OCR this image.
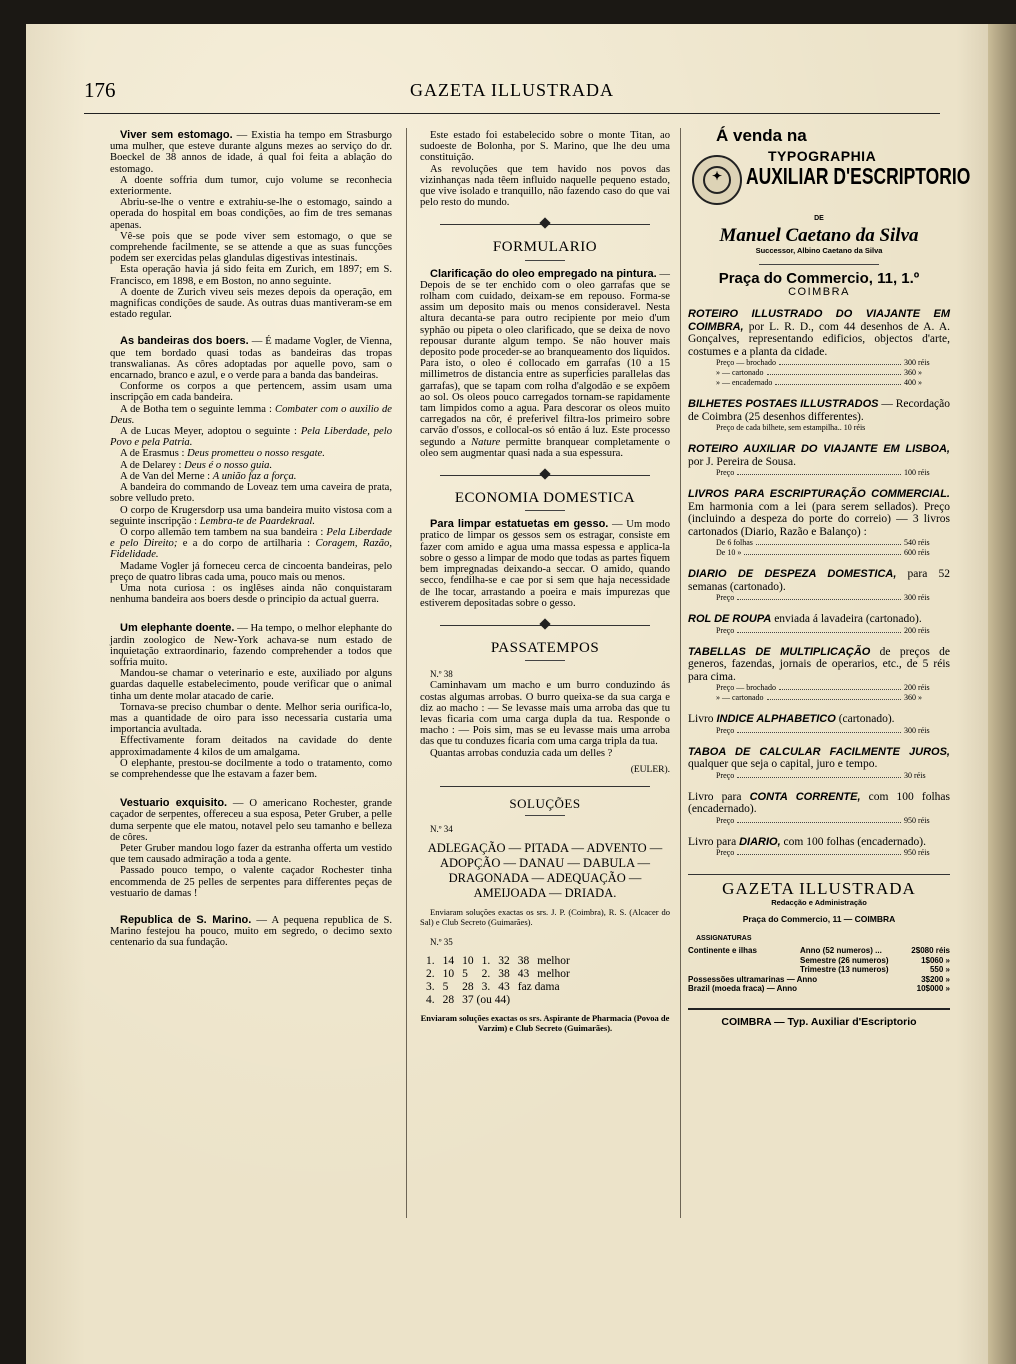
176	GAZETA ILLUSTRADA

Viver sem estomago. — Existia ha tempo em Strasburgo uma mulher, que esteve durante alguns mezes ao serviço do dr. Boeckel de 38 annos de idade, á qual foi feita a ablação do estomago.

A doente soffria dum tumor, cujo volume se reconhecia exteriormente.

Abriu-se-lhe o ventre e extrahiu-se-lhe o estomago, saindo a operada do hospital em boas condições, ao fim de tres semanas apenas.

Vê-se pois que se pode viver sem estomago, o que se comprehende facilmente, se se attende a que as suas funcções podem ser exercidas pelas glandulas digestivas intestinais.

Esta operação havia já sido feita em Zurich, em 1897; em S. Francisco, em 1898, e em Boston, no anno seguinte.

A doente de Zurich viveu seis mezes depois da operação, em magnificas condições de saude. As outras duas mantiveram-se em estado regular.

As bandeiras dos boers. — É madame Vogler, de Vienna, que tem bordado quasi todas as bandeiras das tropas transwalianas. As côres adoptadas por aquelle povo, sam o encarnado, branco e azul, e o verde para a banda das bandeiras.

Conforme os corpos a que pertencem, assim usam uma inscripção em cada bandeira.

A de Botha tem o seguinte lemma : Combater com o auxilio de Deus.

A de Lucas Meyer, adoptou o seguinte : Pela Liberdade, pelo Povo e pela Patria.

A de Erasmus : Deus prometteu o nosso resgate.

A de Delarey : Deus é o nosso guia.

A de Van del Merne : A união faz a força.

A bandeira do commando de Loveaz tem uma caveira de prata, sobre velludo preto.

O corpo de Krugersdorp usa uma bandeira muito vistosa com a seguinte inscripção : Lembra-te de Paardekraal.

O corpo allemão tem tambem na sua bandeira : Pela Liberdade e pelo Direito; e a do corpo de artilharia : Coragem, Razão, Fidelidade.

Madame Vogler já forneceu cerca de cincoenta bandeiras, pelo preço de quatro libras cada uma, pouco mais ou menos.

Uma nota curiosa : os inglêses ainda não conquistaram nenhuma bandeira aos boers desde o principio da actual guerra.

Um elephante doente. — Ha tempo, o melhor elephante do jardin zoologico de New-York achava-se num estado de inquietação extraordinario, fazendo comprehender a todos que soffria muito.

Mandou-se chamar o veterinario e este, auxiliado por alguns guardas daquelle estabelecimento, poude verificar que o animal tinha um dente molar atacado de carie.

Tornava-se preciso chumbar o dente. Melhor seria ourifica-lo, mas a quantidade de oiro para isso necessaria custaria uma importancia avultada.

Effectivamente foram deitados na cavidade do dente approximadamente 4 kilos de um amalgama.

O elephante, prestou-se docilmente a todo o tratamento, como se comprehendesse que lhe estavam a fazer bem.

Vestuario exquisito. — O americano Rochester, grande caçador de serpentes, offereceu a sua esposa, Peter Gruber, a pelle duma serpente que ele matou, notavel pelo seu tamanho e belleza de côres.

Peter Gruber mandou logo fazer da estranha offerta um vestido que tem causado admiração a toda a gente.

Passado pouco tempo, o valente caçador Rochester tinha encommenda de 25 pelles de serpentes para differentes peças de vestuario de damas !

Republica de S. Marino. — A pequena republica de S. Marino festejou ha pouco, muito em segredo, o decimo sexto centenario da sua fundação.

Este estado foi estabelecido sobre o monte Titan, ao sudoeste de Bolonha, por S. Marino, que lhe deu uma constituição.

As revoluções que tem havido nos povos das vizinhanças nada têem influido naquelle pequeno estado, que vive isolado e tranquillo, não fazendo caso do que vai pelo resto do mundo.

FORMULARIO

Clarificação do oleo empregado na pintura. — Depois de se ter enchido com o oleo garrafas que se rolham com cuidado, deixam-se em repouso. Forma-se assim um deposito mais ou menos consideravel. Nesta altura decanta-se para outro recipiente por meio d'um syphão ou pipeta o oleo clarificado, que se deixa de novo repousar durante algum tempo. Se não houver mais deposito pode proceder-se ao branqueamento dos liquidos. Para isto, o oleo é collocado em garrafas (10 a 15 millimetros de distancia entre as superficies parallelas das garrafas), que se tapam com rolha d'algodão e se expõem ao sol. Os oleos pouco carregados tornam-se rapidamente tam limpidos como a agua. Para descorar os oleos muito carregados na côr, é preferivel filtra-los primeiro sobre carvão d'ossos, e collocal-os só então á luz. Este processo segundo a Nature permitte branquear completamente o oleo sem augmentar quasi nada a sua espessura.

ECONOMIA DOMESTICA

Para limpar estatuetas em gesso. — Um modo pratico de limpar os gessos sem os estragar, consiste em fazer com amido e agua uma massa espessa e applica-la sobre o gesso a limpar de modo que todas as partes fiquem bem impregnadas deixando-a seccar. O amido, quando secco, fendilha-se e cae por si sem que haja necessidade de lhe tocar, arrastando a poeira e mais impurezas que estiverem depositadas sobre o gesso.

PASSATEMPOS
N.º 38

Caminhavam um macho e um burro conduzindo ás costas algumas arrobas. O burro queixa-se da sua carga e diz ao macho : — Se levasse mais uma arroba das que tu levas ficaria com uma carga dupla da tua. Responde o macho : — Pois sim, mas se eu levasse mais uma arroba das que tu conduzes ficaria com uma carga tripla da tua.

Quantas arrobas conduzia cada um delles ?

(EULER).
SOLUÇÕES
N.º 34
ADLEGAÇÃO — PITADA — ADVENTO — ADOPÇÃO — DANAU — DABULA — DRAGONADA — ADEQUAÇÃO — AMEIJOADA — DRIADA.

Enviaram soluções exactas os srs. J. P. (Coimbra), R. S. (Alcacer do Sal) e Club Secreto (Guimarães).

N.º 35
1.	14	10	1.	32	38	melhor
2.	10	5	2.	38	43	melhor
3.	5	28	3.	43	faz dama	
4.	28	37 (ou 44)				

Enviaram soluções exactas os srs. Aspirante de Pharmacia (Povoa de Varzim) e Club Secreto (Guimarães).

Á venda na
✦
TYPOGRAPHIA
AUXILIAR D'ESCRIPTORIO
DE
Manuel Caetano da Silva
Successor, Albino Caetano da Silva
Praça do Commercio, 11, 1.º
COIMBRA
ROTEIRO ILLUSTRADO DO VIAJANTE EM COIMBRA, por L. R. D., com 44 desenhos de A. A. Gonçalves, representando edificios, objectos d'arte, costumes e a planta da cidade.
Preço — brochado	300 réis
» — cartonado	360 »
» — encadernado	400 »
BILHETES POSTAES ILLUSTRADOS — Recordação de Coimbra (25 desenhos differentes).
Preço de cada bilhete, sem estampilha.. 10 réis
ROTEIRO AUXILIAR DO VIAJANTE EM LISBOA, por J. Pereira de Sousa.
Preço	100 réis
LIVROS PARA ESCRIPTURAÇÃO COMMERCIAL. Em harmonia com a lei (para serem sellados). Preço (incluindo a despeza do porte do correio) — 3 livros cartonados (Diario, Razão e Balanço) :
De 6 folhas	540 réis
De 10 »	600 réis
DIARIO DE DESPEZA DOMESTICA, para 52 semanas (cartonado).
Preço	300 réis
ROL DE ROUPA enviada á lavadeira (cartonado).
Preço	200 réis
TABELLAS DE MULTIPLICAÇÃO de preços de generos, fazendas, jornais de operarios, etc., de 5 réis para cima.
Preço — brochado	200 réis
» — cartonado	360 »
Livro INDICE ALPHABETICO (cartonado).
Preço	300 réis
TABOA DE CALCULAR FACILMENTE JUROS, qualquer que seja o capital, juro e tempo.
Preço	30 réis
Livro para CONTA CORRENTE, com 100 folhas (encadernado).
Preço	950 réis
Livro para DIARIO, com 100 folhas (encadernado).
Preço	950 réis
GAZETA ILLUSTRADA
Redacção e Administração
Praça do Commercio, 11 — COIMBRA
ASSIGNATURAS
Continente e ilhas	Anno (52 numeros) ...	2$080 réis
Semestre (26 numeros)	1$060 »
Trimestre (13 numeros)	550 »
Possessões ultramarinas — Anno	3$200 »
Brazil (moeda fraca) — Anno	10$000 »
COIMBRA — Typ. Auxiliar d'Escriptorio
